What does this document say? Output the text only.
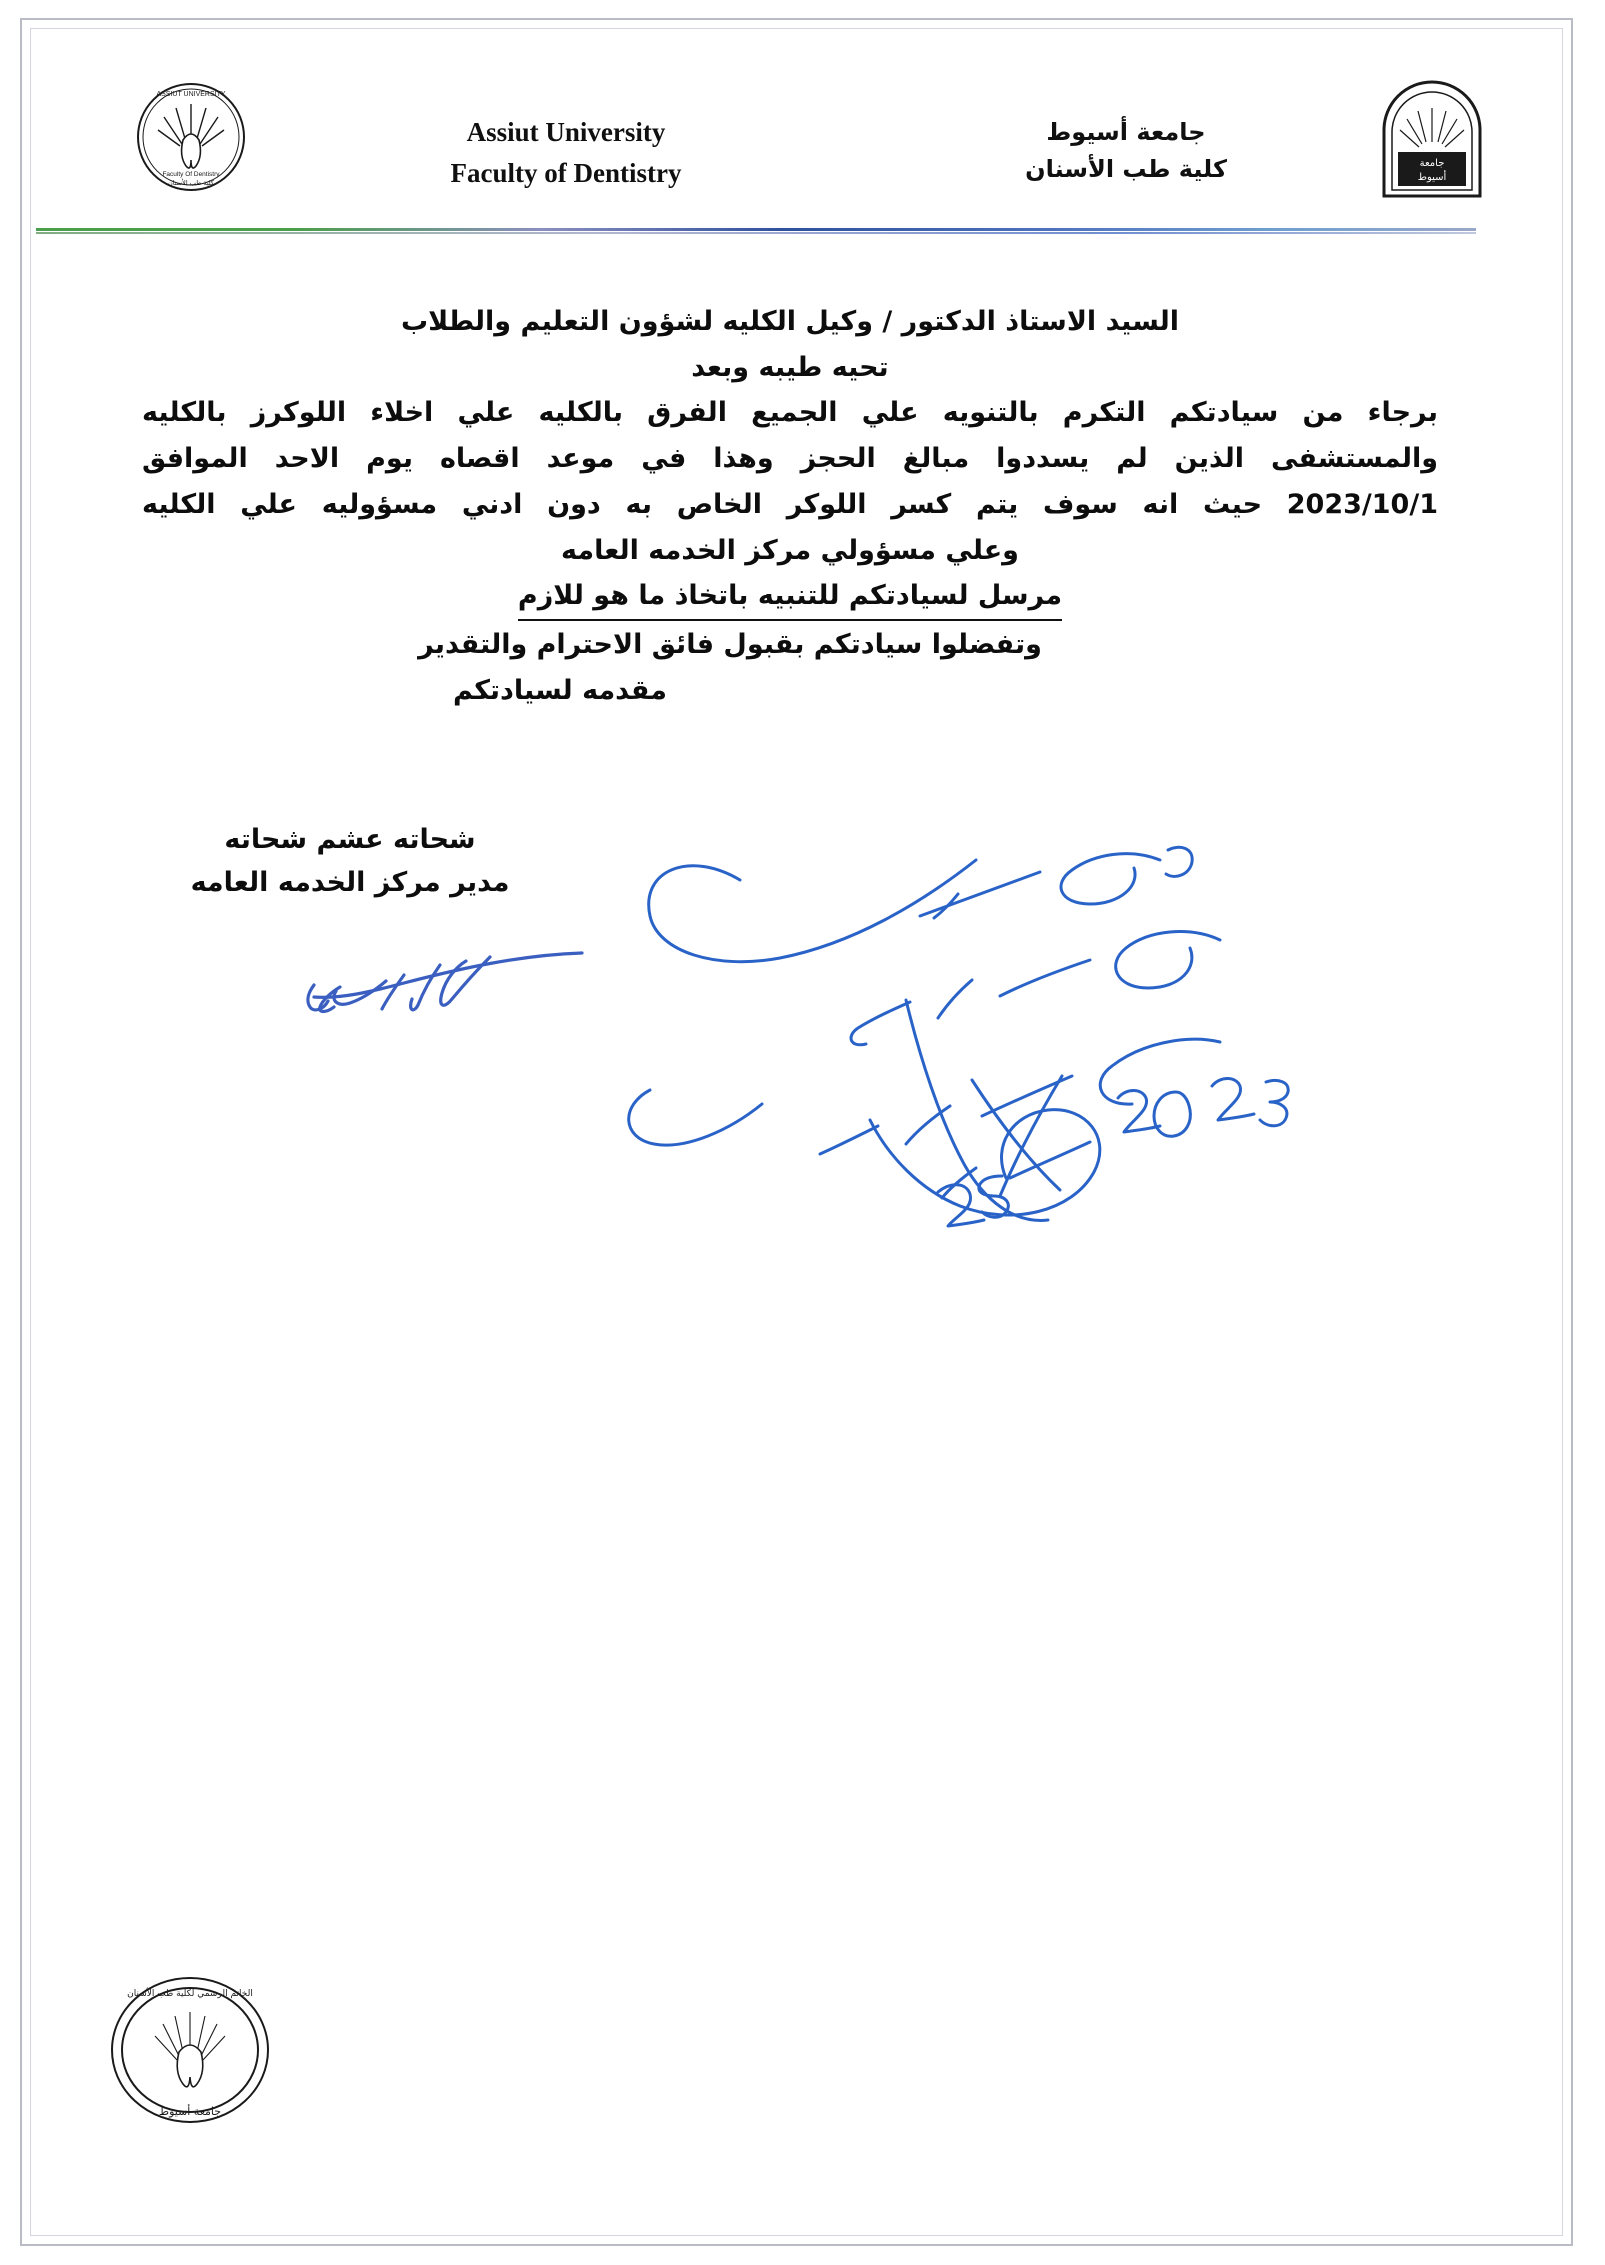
ASSIUT UNIVERSITY
Faculty Of Dentistry
كلية طب الأسنان
Assiut University
Faculty of Dentistry
جامعة أسيوط
كلية طب الأسنان	جامعة
أسيوط

السيد الاستاذ الدكتور / وكيل الكليه لشؤون التعليم والطلاب

تحيه طيبه وبعد

برجاء من سيادتكم التكرم بالتنويه علي الجميع الفرق بالكليه علي اخلاء اللوكرز بالكليه

والمستشفى الذين لم يسددوا مبالغ الحجز وهذا في موعد اقصاه يوم الاحد الموافق

2023/10/1 حيث انه سوف يتم كسر اللوكر الخاص به دون ادني مسؤوليه علي الكليه

وعلي مسؤولي مركز الخدمه العامه

مرسل لسيادتكم للتنبيه باتخاذ ما هو للازم

وتفضلوا سيادتكم بقبول فائق الاحترام والتقدير

مقدمه لسيادتكم

شحاته عشم شحاته
مدير مركز الخدمه العامه
الخاتم الرسمي لكلية طب الأسنان
جامعة أسيوط
